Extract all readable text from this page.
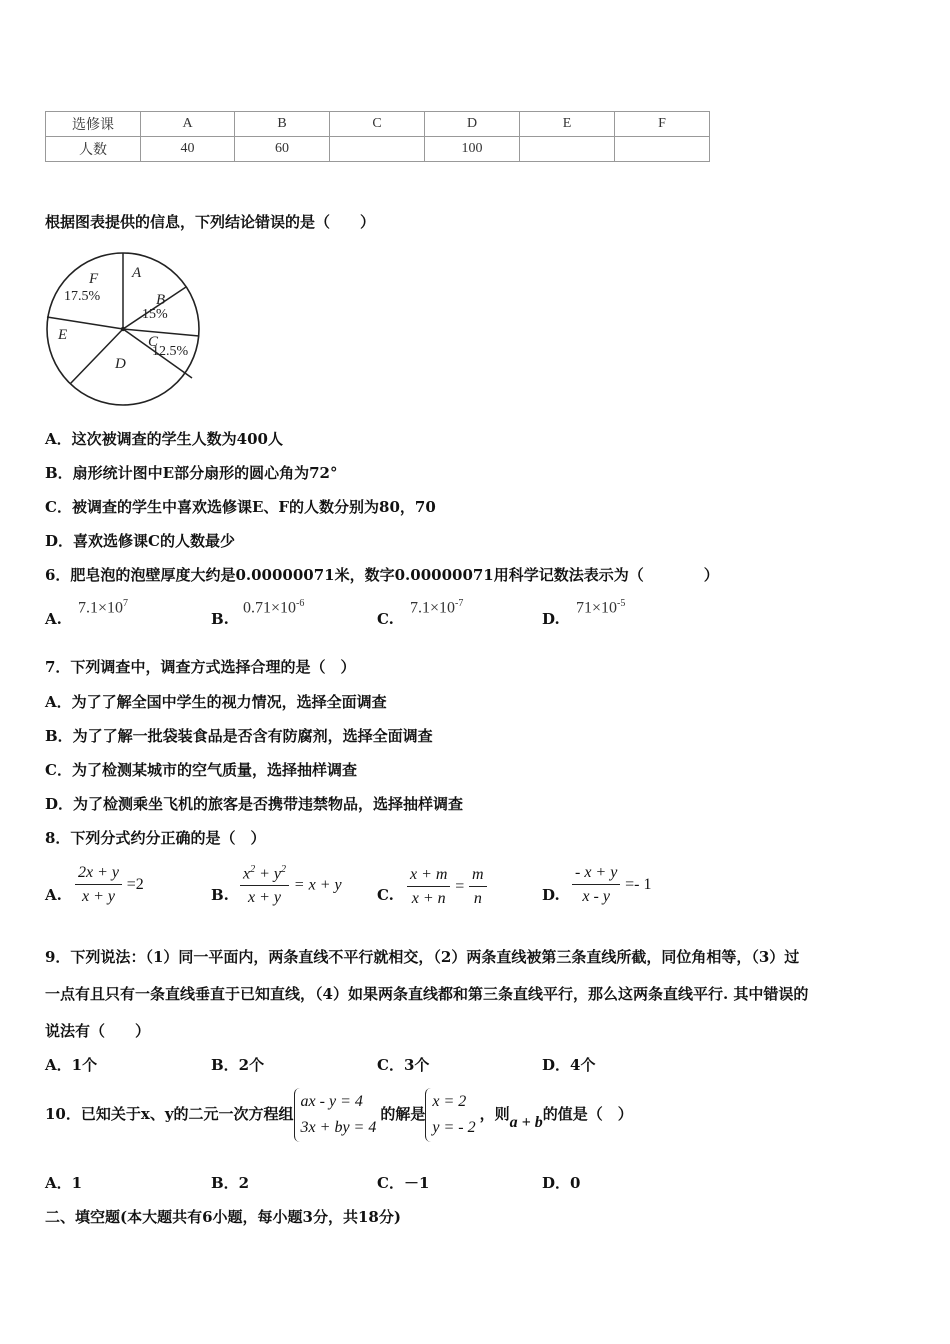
选修课	A	B	C	D	E	F
人数	40	60		100		
根据图表提供的信息，下列结论错误的是（　　）
A
B
C
D
E
F
17.5%
15%
12.5%
A．这次被调查的学生人数为400人
B．扇形统计图中E部分扇形的圆心角为72°
C．被调查的学生中喜欢选修课E、F的人数分别为80，70
D．喜欢选修课C的人数最少
6．肥皂泡的泡壁厚度大约是0.00000071米，数字0.00000071用科学记数法表示为（　　　　）
A.
$7.1\times 10^7$
B.
$0.71\times 10^{-6}$
C.
$7.1\times 10^{-7}$
D.
$71\times 10^{-5}$
7．下列调查中，调查方式选择合理的是（　）
A．为了了解全国中学生的视力情况，选择全面调查
B．为了了解一批袋装食品是否含有防腐剂，选择全面调查
C．为了检测某城市的空气质量，选择抽样调查
D．为了检测乘坐飞机的旅客是否携带违禁物品，选择抽样调查
8．下列分式约分正确的是（　）
A. $\frac{2x + y}{x + y} =2$
B. $\frac{x^2 + y^2}{x + y} = x + y$
C. $\frac{x + m}{x + n} = \frac{m}{n}$	D. $\frac{- x + y}{x - y} =- 1$
9．下列说法：（1）同一平面内，两条直线不平行就相交，（2）两条直线被第三条直线所截，同位角相等，（3）过
一点有且只有一条直线垂直于已知直线，（4）如果两条直线都和第三条直线平行，那么这两条直线平行. 其中错误的
说法有（　　）
A．1个	B．2个	C．3个	D．4个
10．已知关于x、y的二元一次方程组
ax - y = 4
3x + by = 4
的解是
x = 2
y = - 2
，则a + b的值是（　）
A．1	B．2	C．－1	D．0
二、填空题(本大题共有6小题，每小题3分，共18分)
